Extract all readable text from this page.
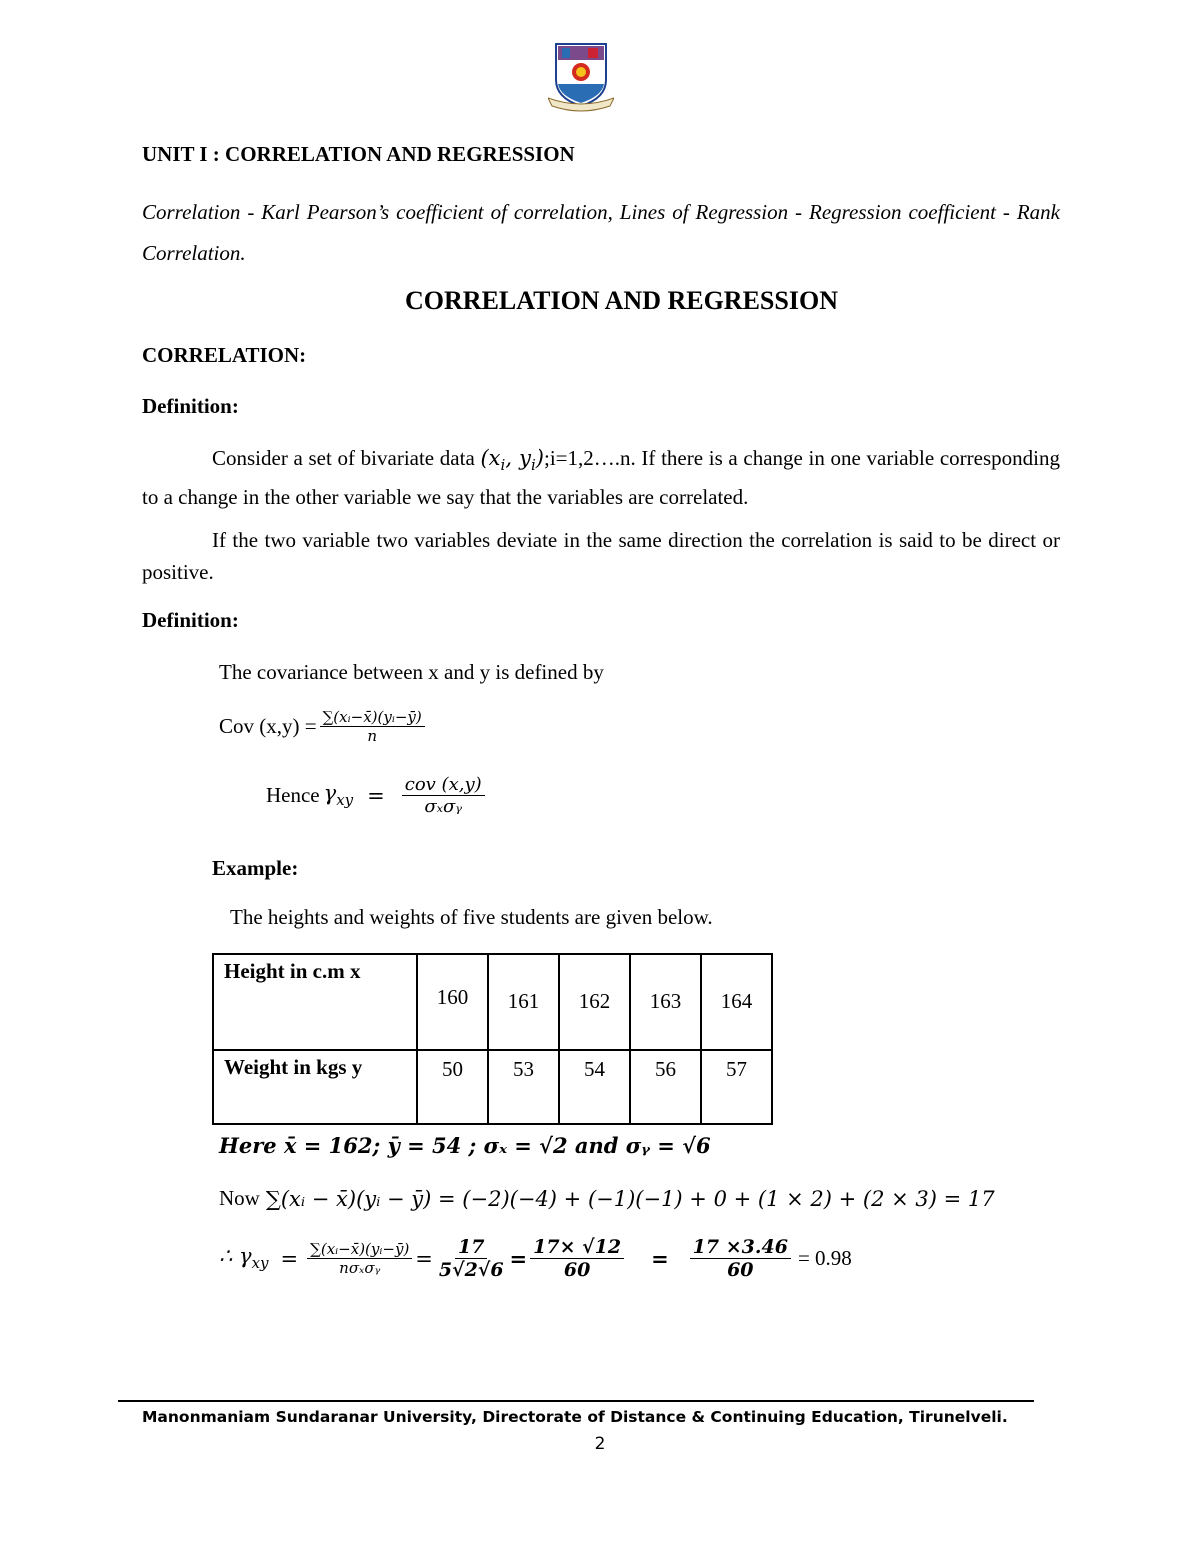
UNIT I : CORRELATION AND REGRESSION
Correlation - Karl Pearson’s coefficient of correlation, Lines of Regression - Regression coefficient - Rank Correlation.
CORRELATION AND REGRESSION
CORRELATION:
Definition:
Consider a set of bivariate data ($x_i$, $y_i);i=1,2\dots.n$. If there is a change in one variable corresponding to a change in the other variable we say that the variables are correlated.
If the two variable two variables deviate in the same direction the correlation is said to be direct or positive.
Definition:
The covariance between x and y is defined by
Cov $(x,y) = \frac{\text{∑(xᵢ−x̄)(yᵢ−ȳ)}}{n}$
Hence $\gamma_{xy} = \frac{\text{cov (x,y)}}{\text{σₓσᵧ}}$
Example:
The heights and weights of five students are given below.
Height in c.m x	160	161	162	163	164
Weight in kgs y	50	53	54	56	57
Here x̄ = 162; ȳ = 54 ; σₓ = √2 and σᵧ = √6
Now ∑(xᵢ − x̄)(yᵢ − ȳ) = (−2)(−4) + (−1)(−1) + 0 + (1 × 2) + (2 × 3) = 17
∴ $\gamma_{xy} = \frac{\text{∑(xᵢ−x̄)(yᵢ−ȳ)}}{\text{nσₓσᵧ}} = \frac{17}{5√2√6} = \frac{17\times √12}{60} = \frac{17 \times 3.46}{60} = 0.98$
Manonmaniam Sundaranar University, Directorate of Distance & Continuing Education, Tirunelveli.
2
